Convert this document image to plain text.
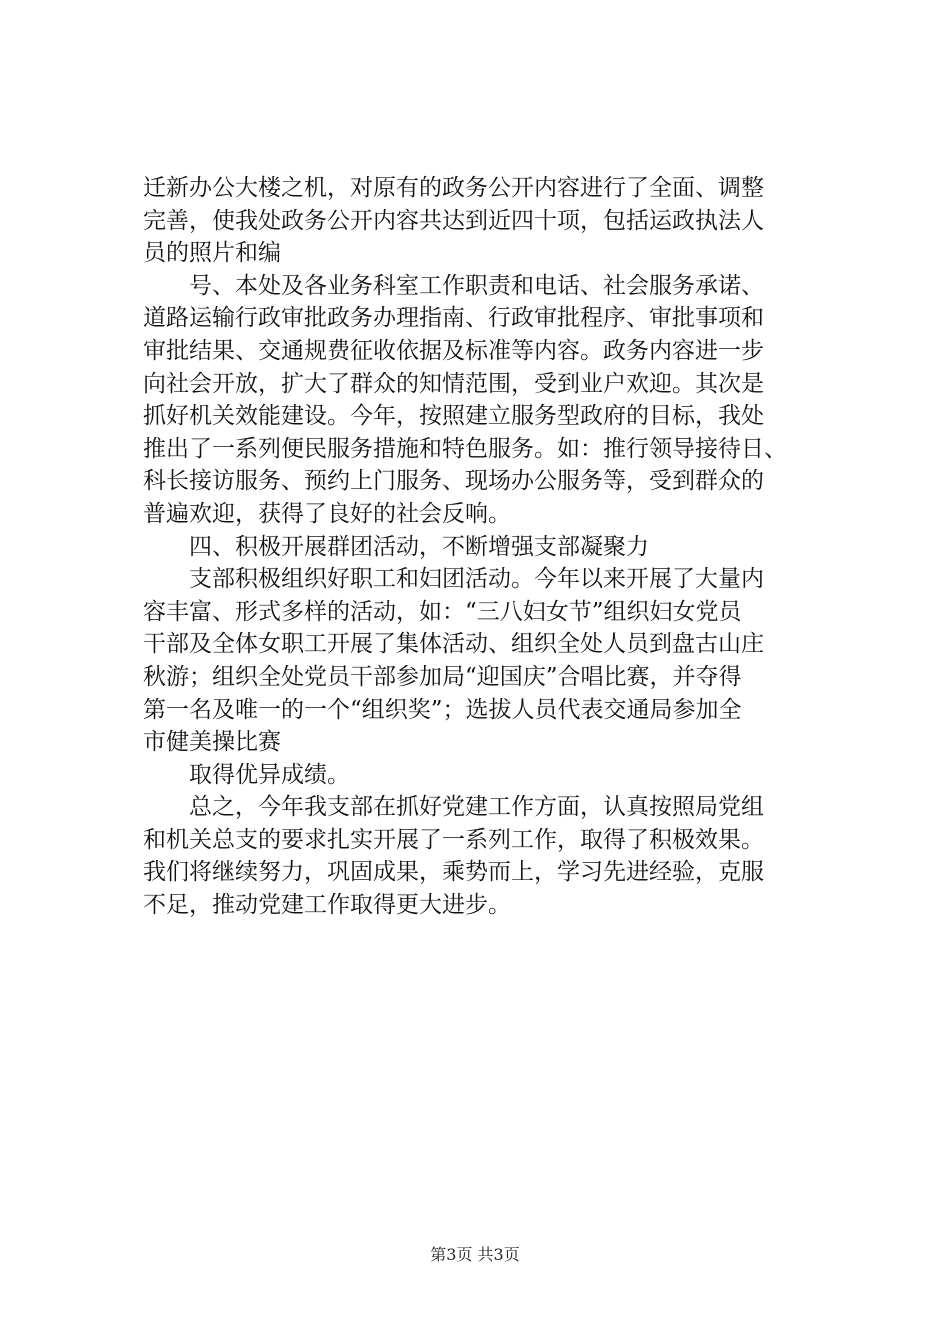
迁新办公大楼之机，对原有的政务公开内容进行了全面、调整
完善，使我处政务公开内容共达到近四十项，包括运政执法人
员的照片和编
　　号、本处及各业务科室工作职责和电话、社会服务承诺、
道路运输行政审批政务办理指南、行政审批程序、审批事项和
审批结果、交通规费征收依据及标准等内容。政务内容进一步
向社会开放，扩大了群众的知情范围，受到业户欢迎。其次是
抓好机关效能建设。今年，按照建立服务型政府的目标，我处
推出了一系列便民服务措施和特色服务。如：推行领导接待日、
科长接访服务、预约上门服务、现场办公服务等，受到群众的
普遍欢迎，获得了良好的社会反响。
　　四、积极开展群团活动，不断增强支部凝聚力
　　支部积极组织好职工和妇团活动。今年以来开展了大量内
容丰富、形式多样的活动，如：“三八妇女节”组织妇女党员
干部及全体女职工开展了集体活动、组织全处人员到盘古山庄
秋游；组织全处党员干部参加局“迎国庆”合唱比赛，并夺得
第一名及唯一的一个“组织奖”；选拔人员代表交通局参加全
市健美操比赛
　　取得优异成绩。
　　总之，今年我支部在抓好党建工作方面，认真按照局党组
和机关总支的要求扎实开展了一系列工作，取得了积极效果。
我们将继续努力，巩固成果，乘势而上，学习先进经验，克服
不足，推动党建工作取得更大进步。
第3页 共3页
